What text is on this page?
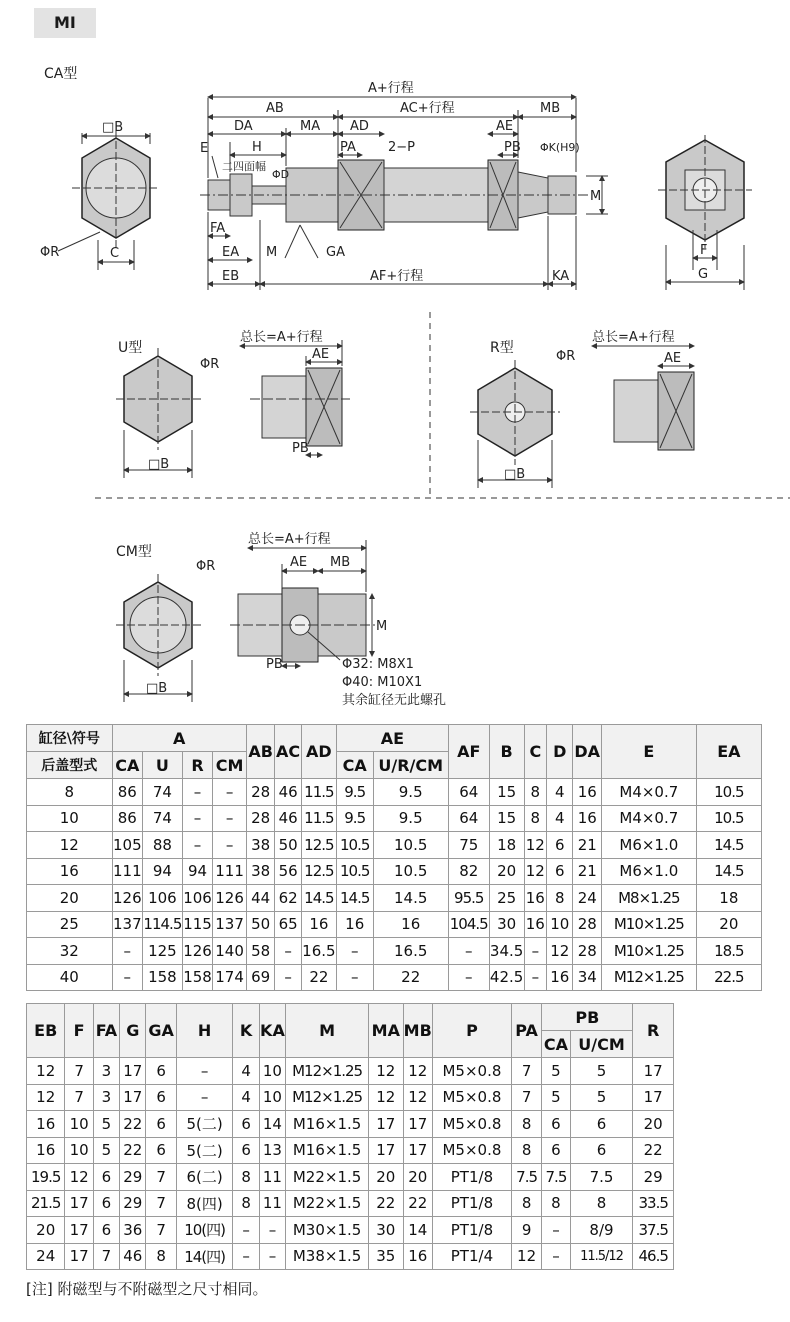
MI
CA型
U型	R型
CM型
□B
ΦR	C
A+行程
AB	AC+行程	MB
DA	MA AD	AE
H
E	PA 2−P	PB ΦK(H9)
二四面幅
ΦD
FA
EA M	GA
EB	AF+行程	KA
M
F
G
ΦR
□B
总长=A+行程
AE
PB
ΦR
□B
总长=A+行程
AE
ΦR
□B
总长=A+行程
AE MB
M
PB	Φ32: M8X1
Φ40: M10X1
其余缸径无此螺孔
缸径\符号	A				AB	AC	AD	AE		AF	B	C	D	DA	E	EA
后盖型式	CA	U	R	CM				CA	U/R/CM							
8	86	74	–	–	28	46	11.5	9.5	9.5	64	15	8	4	16	M4×0.7	10.5
10	86	74	–	–	28	46	11.5	9.5	9.5	64	15	8	4	16	M4×0.7	10.5
12	105	88	–	–	38	50	12.5	10.5	10.5	75	18	12	6	21	M6×1.0	14.5
16	111	94	94	111	38	56	12.5	10.5	10.5	82	20	12	6	21	M6×1.0	14.5
20	126	106	106	126	44	62	14.5	14.5	14.5	95.5	25	16	8	24	M8×1.25	18
25	137	114.5	115	137	50	65	16	16	16	104.5	30	16	10	28	M10×1.25	20
32	–	125	126	140	58	–	16.5	–	16.5	–	34.5	–	12	28	M10×1.25	18.5
40	–	158	158	174	69	–	22	–	22	–	42.5	–	16	34	M12×1.25	22.5
EB	F	FA	G	GA	H	K	KA	M	MA	MB	P	PA	PB		R
													CA	U/CM	
12	7	3	17	6	–	4	10	M12×1.25	12	12	M5×0.8	7	5	5	17
12	7	3	17	6	–	4	10	M12×1.25	12	12	M5×0.8	7	5	5	17
16	10	5	22	6	5(二)	6	14	M16×1.5	17	17	M5×0.8	8	6	6	20
16	10	5	22	6	5(二)	6	13	M16×1.5	17	17	M5×0.8	8	6	6	22
19.5	12	6	29	7	6(二)	8	11	M22×1.5	20	20	PT1/8	7.5	7.5	7.5	29
21.5	17	6	29	7	8(四)	8	11	M22×1.5	22	22	PT1/8	8	8	8	33.5
20	17	6	36	7	10(四)	–	–	M30×1.5	30	14	PT1/8	9	–	8/9	37.5
24	17	7	46	8	14(四)	–	–	M38×1.5	35	16	PT1/4	12	–	11.5/12	46.5
[注] 附磁型与不附磁型之尺寸相同。
